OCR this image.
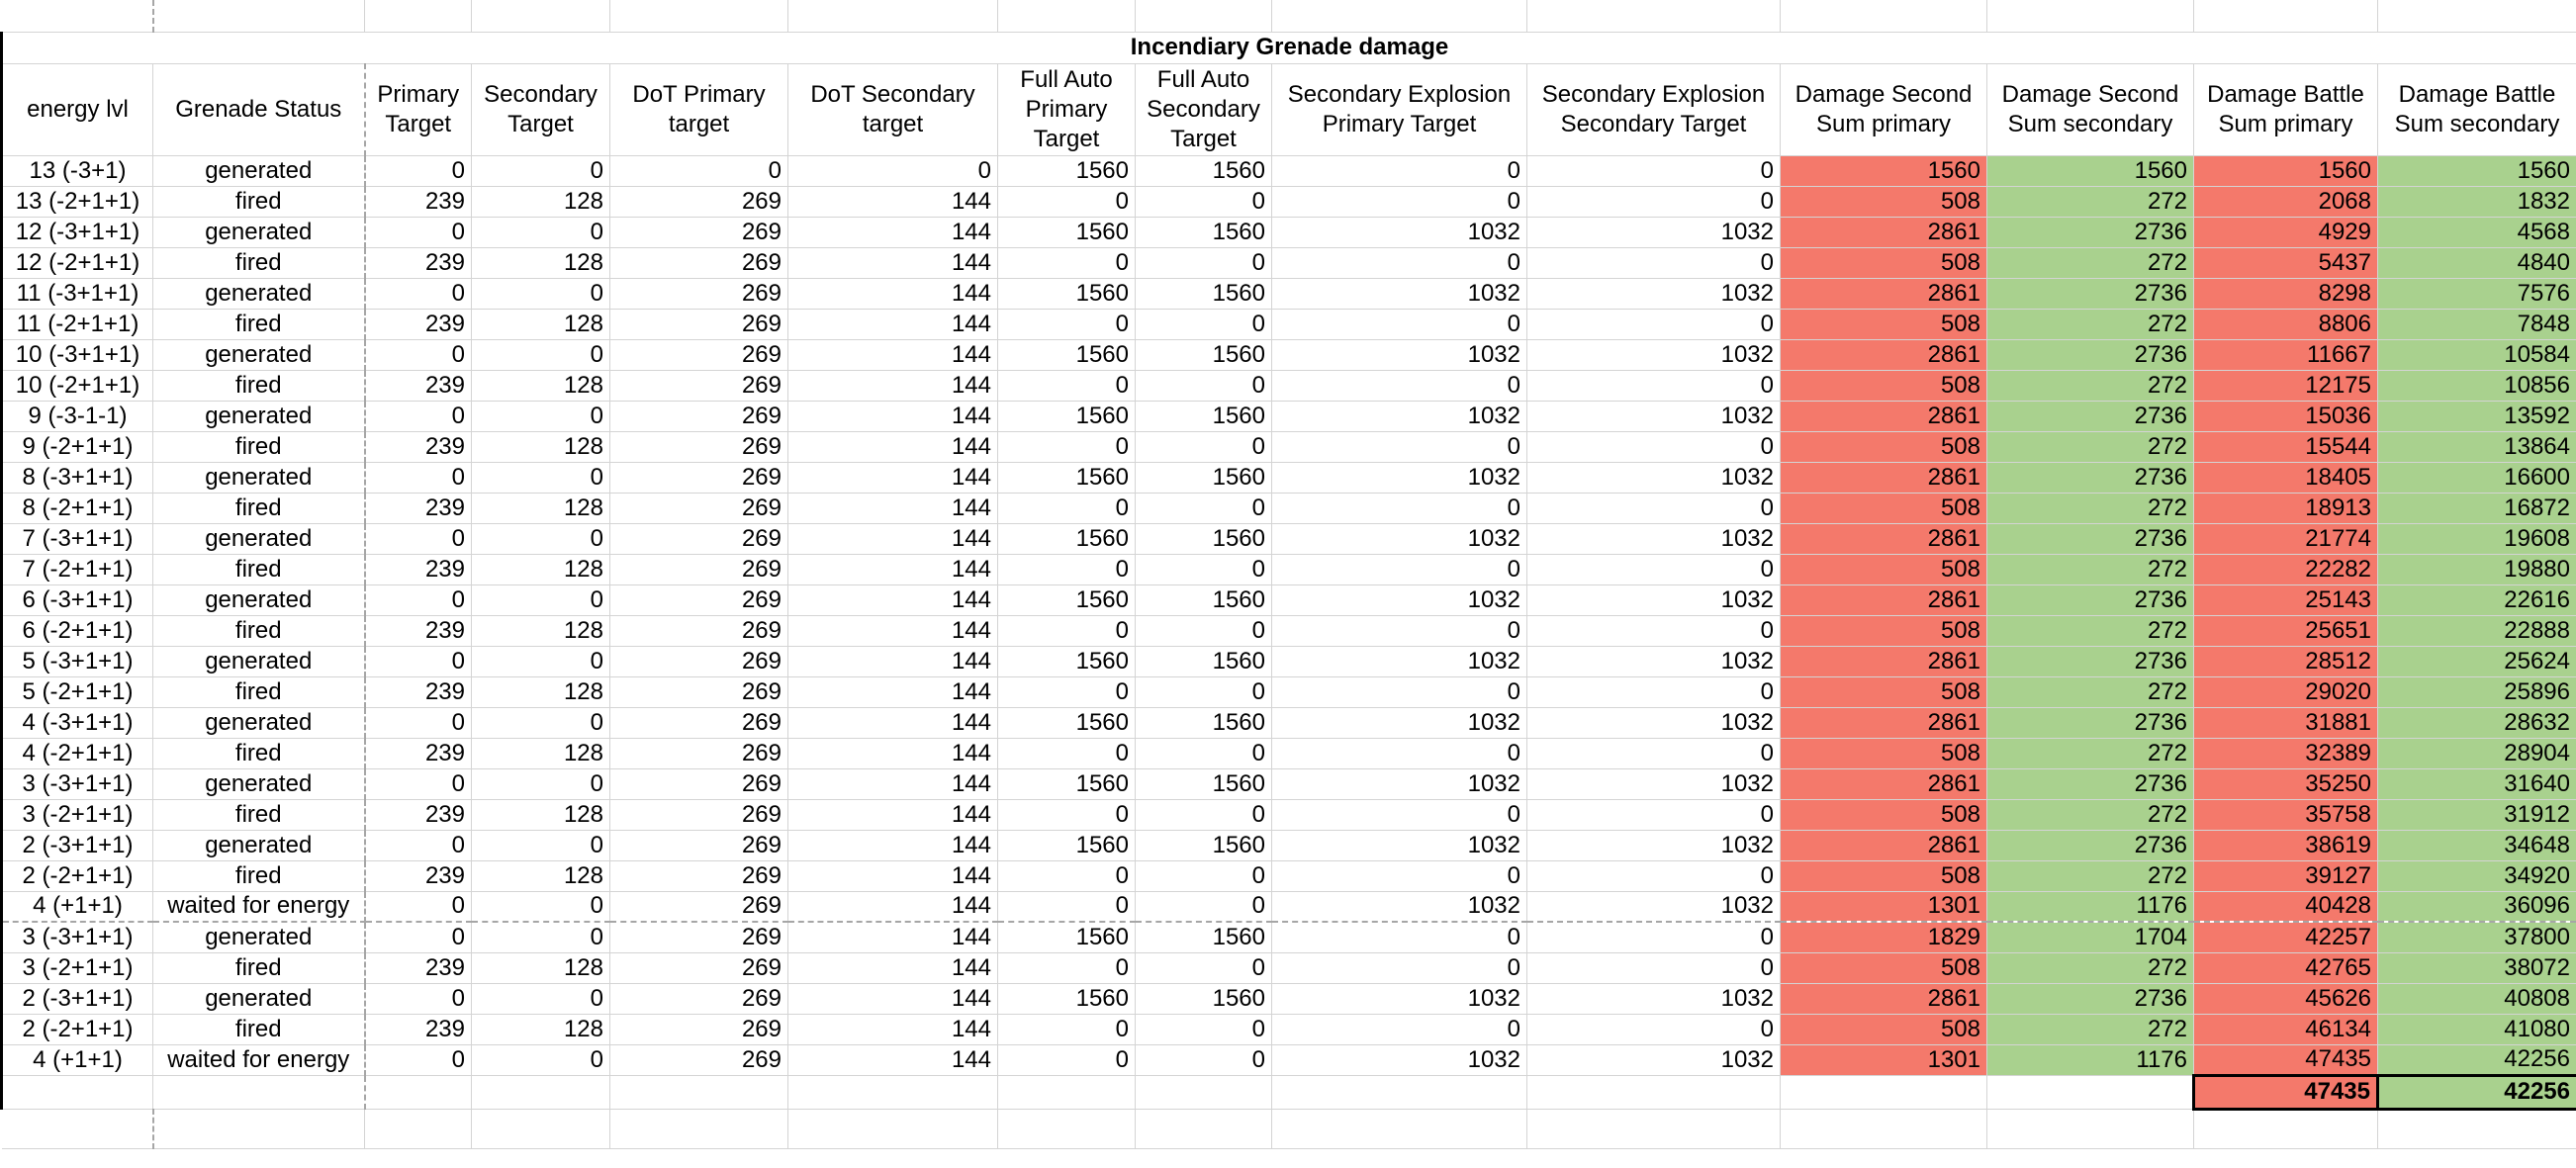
Incendiary Grenade damage													
energy lvl	Grenade Status	Primary Target	Secondary Target	DoT Primary target	DoT Secondary target	Full Auto Primary Target	Full Auto Secondary Target	Secondary Explosion Primary Target	Secondary Explosion Secondary Target	Damage Second Sum primary	Damage Second Sum secondary	Damage Battle Sum primary	Damage Battle Sum secondary
13 (-3+1)	generated	0	0	0	0	1560	1560	0	0	1560	1560	1560	1560
13 (-2+1+1)	fired	239	128	269	144	0	0	0	0	508	272	2068	1832
12 (-3+1+1)	generated	0	0	269	144	1560	1560	1032	1032	2861	2736	4929	4568
12 (-2+1+1)	fired	239	128	269	144	0	0	0	0	508	272	5437	4840
11 (-3+1+1)	generated	0	0	269	144	1560	1560	1032	1032	2861	2736	8298	7576
11 (-2+1+1)	fired	239	128	269	144	0	0	0	0	508	272	8806	7848
10 (-3+1+1)	generated	0	0	269	144	1560	1560	1032	1032	2861	2736	11667	10584
10 (-2+1+1)	fired	239	128	269	144	0	0	0	0	508	272	12175	10856
9 (-3-1-1)	generated	0	0	269	144	1560	1560	1032	1032	2861	2736	15036	13592
9 (-2+1+1)	fired	239	128	269	144	0	0	0	0	508	272	15544	13864
8 (-3+1+1)	generated	0	0	269	144	1560	1560	1032	1032	2861	2736	18405	16600
8 (-2+1+1)	fired	239	128	269	144	0	0	0	0	508	272	18913	16872
7 (-3+1+1)	generated	0	0	269	144	1560	1560	1032	1032	2861	2736	21774	19608
7 (-2+1+1)	fired	239	128	269	144	0	0	0	0	508	272	22282	19880
6 (-3+1+1)	generated	0	0	269	144	1560	1560	1032	1032	2861	2736	25143	22616
6 (-2+1+1)	fired	239	128	269	144	0	0	0	0	508	272	25651	22888
5 (-3+1+1)	generated	0	0	269	144	1560	1560	1032	1032	2861	2736	28512	25624
5 (-2+1+1)	fired	239	128	269	144	0	0	0	0	508	272	29020	25896
4 (-3+1+1)	generated	0	0	269	144	1560	1560	1032	1032	2861	2736	31881	28632
4 (-2+1+1)	fired	239	128	269	144	0	0	0	0	508	272	32389	28904
3 (-3+1+1)	generated	0	0	269	144	1560	1560	1032	1032	2861	2736	35250	31640
3 (-2+1+1)	fired	239	128	269	144	0	0	0	0	508	272	35758	31912
2 (-3+1+1)	generated	0	0	269	144	1560	1560	1032	1032	2861	2736	38619	34648
2 (-2+1+1)	fired	239	128	269	144	0	0	0	0	508	272	39127	34920
4 (+1+1)	waited for energy	0	0	269	144	0	0	1032	1032	1301	1176	40428	36096
3 (-3+1+1)	generated	0	0	269	144	1560	1560	0	0	1829	1704	42257	37800
3 (-2+1+1)	fired	239	128	269	144	0	0	0	0	508	272	42765	38072
2 (-3+1+1)	generated	0	0	269	144	1560	1560	1032	1032	2861	2736	45626	40808
2 (-2+1+1)	fired	239	128	269	144	0	0	0	0	508	272	46134	41080
4 (+1+1)	waited for energy	0	0	269	144	0	0	1032	1032	1301	1176	47435	42256
												47435	42256
